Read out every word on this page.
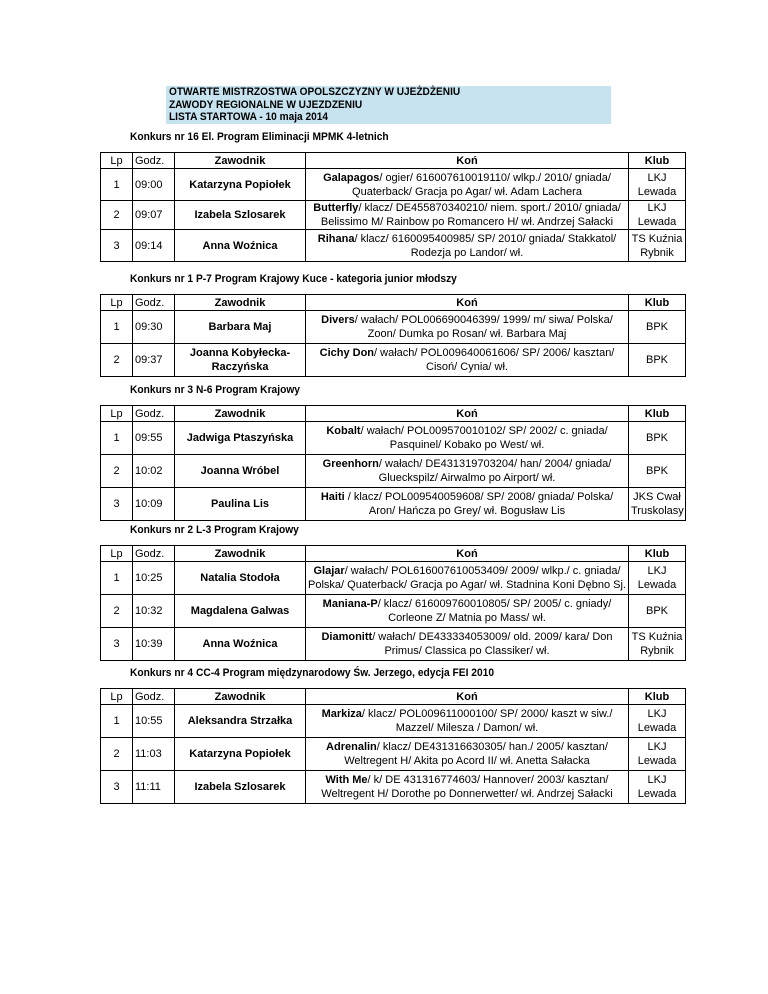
OTWARTE MISTRZOSTWA OPOLSZCZYZNY W UJEŻDŻENIU
ZAWODY REGIONALNE W UJEZDZENIU
LISTA STARTOWA - 10 maja 2014
Konkurs nr 16 El. Program Eliminacji MPMK 4-letnich
Lp	Godz.	Zawodnik	Koń	Klub
1	09:00	Katarzyna Popiołek	Galapagos/ ogier/ 616007610019110/ wlkp./ 2010/ gniada/ Quaterback/ Gracja po Agar/ wł. Adam Lachera	LKJ Lewada
2	09:07	Izabela Szlosarek	Butterfly/ klacz/ DE455870340210/ niem. sport./ 2010/ gniada/ Belissimo M/ Rainbow po Romancero H/ wł. Andrzej Sałacki	LKJ Lewada
3	09:14	Anna Woźnica	Rihana/ klacz/ 6160095400985/ SP/ 2010/ gniada/ Stakkatol/ Rodezja po Landor/ wł.	TS Kuźnia Rybnik
Konkurs nr 1 P-7 Program Krajowy Kuce - kategoria junior młodszy
Lp	Godz.	Zawodnik	Koń	Klub
1	09:30	Barbara Maj	Divers/ wałach/ POL006690046399/ 1999/ m/ siwa/ Polska/ Zoon/ Dumka po Rosan/ wł. Barbara Maj	BPK
2	09:37	Joanna Kobyłecka-Raczyńska	Cichy Don/ wałach/ POL009640061606/ SP/ 2006/ kasztan/ Cisoń/ Cynia/ wł.	BPK
Konkurs nr 3 N-6 Program Krajowy
Lp	Godz.	Zawodnik	Koń	Klub
1	09:55	Jadwiga Ptaszyńska	Kobalt/ wałach/ POL009570010102/ SP/ 2002/ c. gniada/ Pasquinel/ Kobako po West/ wł.	BPK
2	10:02	Joanna Wróbel	Greenhorn/ wałach/ DE431319703204/ han/ 2004/ gniada/ Glueckspilz/ Airwalmo po Airport/ wł.	BPK
3	10:09	Paulina Lis	Haiti / klacz/ POL009540059608/ SP/ 2008/ gniada/ Polska/ Aron/ Hańcza po Grey/ wł. Bogusław Lis	JKS Cwał Truskolasy
Konkurs nr 2 L-3 Program Krajowy
Lp	Godz.	Zawodnik	Koń	Klub
1	10:25	Natalia Stodoła	Glajar/ wałach/ POL616007610053409/ 2009/ wlkp./ c. gniada/ Polska/ Quaterback/ Gracja po Agar/ wł. Stadnina Koni Dębno Sj.	LKJ Lewada
2	10:32	Magdalena Galwas	Maniana-P/ klacz/ 616009760010805/ SP/ 2005/ c. gniady/ Corleone Z/ Matnia po Mass/ wł.	BPK
3	10:39	Anna Woźnica	Diamonitt/ wałach/ DE433334053009/ old. 2009/ kara/ Don Primus/ Classica po Classiker/ wł.	TS Kuźnia Rybnik
Konkurs nr 4 CC-4 Program międzynarodowy Św. Jerzego, edycja FEI 2010
Lp	Godz.	Zawodnik	Koń	Klub
1	10:55	Aleksandra Strzałka	Markiza/ klacz/ POL009611000100/ SP/ 2000/ kaszt w siw./ Mazzel/ Milesza / Damon/ wł.	LKJ Lewada
2	11:03	Katarzyna Popiołek	Adrenalin/ klacz/ DE431316630305/ han./ 2005/ kasztan/ Weltregent H/ Akita po Acord II/ wł. Anetta Sałacka	LKJ Lewada
3	11:11	Izabela Szlosarek	With Me/ k/ DE 431316774603/ Hannover/ 2003/ kasztan/ Weltregent H/ Dorothe po Donnerwetter/ wł. Andrzej Sałacki	LKJ Lewada
